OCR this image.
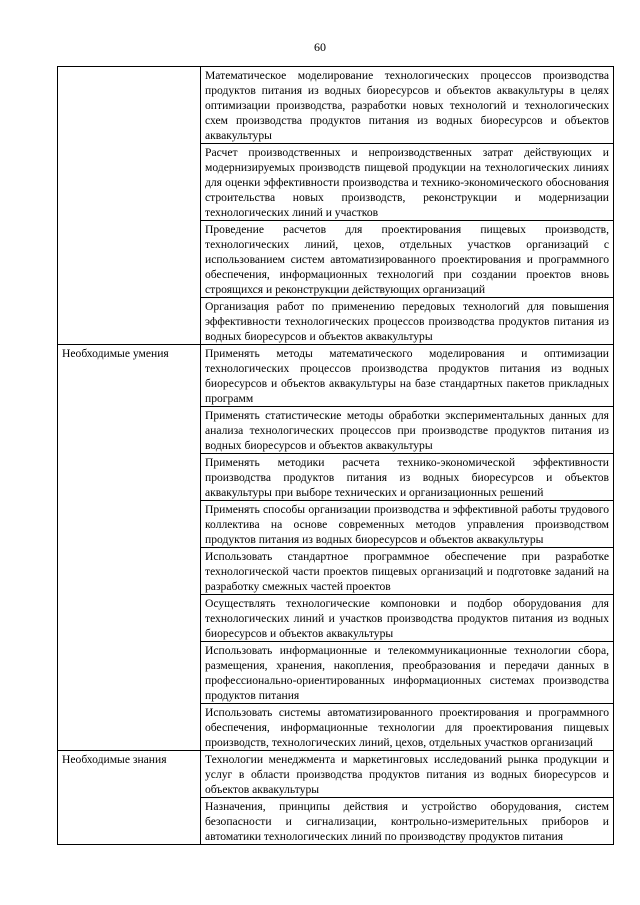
60
	Математическое моделирование технологических процессов производства продуктов питания из водных биоресурсов и объектов аквакультуры в целях оптимизации производства, разработки новых технологий и технологических схем производства продуктов питания из водных биоресурсов и объектов аквакультуры
	Расчет производственных и непроизводственных затрат действующих и модернизируемых производств пищевой продукции на технологических линиях для оценки эффективности производства и технико-экономического обоснования строительства новых производств, реконструкции и модернизации технологических линий и участков
	Проведение расчетов для проектирования пищевых производств, технологических линий, цехов, отдельных участков организаций с использованием систем автоматизированного проектирования и программного обеспечения, информационных технологий при создании проектов вновь строящихся и реконструкции действующих организаций
	Организация работ по применению передовых технологий для повышения эффективности технологических процессов производства продуктов питания из водных биоресурсов и объектов аквакультуры
Необходимые умения	Применять методы математического моделирования и оптимизации технологических процессов производства продуктов питания из водных биоресурсов и объектов аквакультуры на базе стандартных пакетов прикладных программ
	Применять статистические методы обработки экспериментальных данных для анализа технологических процессов при производстве продуктов питания из водных биоресурсов и объектов аквакультуры
	Применять методики расчета технико-экономической эффективности производства продуктов питания из водных биоресурсов и объектов аквакультуры при выборе технических и организационных решений
	Применять способы организации производства и эффективной работы трудового коллектива на основе современных методов управления производством продуктов питания из водных биоресурсов и объектов аквакультуры
	Использовать стандартное программное обеспечение при разработке технологической части проектов пищевых организаций и подготовке заданий на разработку смежных частей проектов
	Осуществлять технологические компоновки и подбор оборудования для технологических линий и участков производства продуктов питания из водных биоресурсов и объектов аквакультуры
	Использовать информационные и телекоммуникационные технологии сбора, размещения, хранения, накопления, преобразования и передачи данных в профессионально-ориентированных информационных системах производства продуктов питания
	Использовать системы автоматизированного проектирования и программного обеспечения, информационные технологии для проектирования пищевых производств, технологических линий, цехов, отдельных участков организаций
Необходимые знания	Технологии менеджмента и маркетинговых исследований рынка продукции и услуг в области производства продуктов питания из водных биоресурсов и объектов аквакультуры
	Назначения, принципы действия и устройство оборудования, систем безопасности и сигнализации, контрольно-измерительных приборов и автоматики технологических линий по производству продуктов питания
